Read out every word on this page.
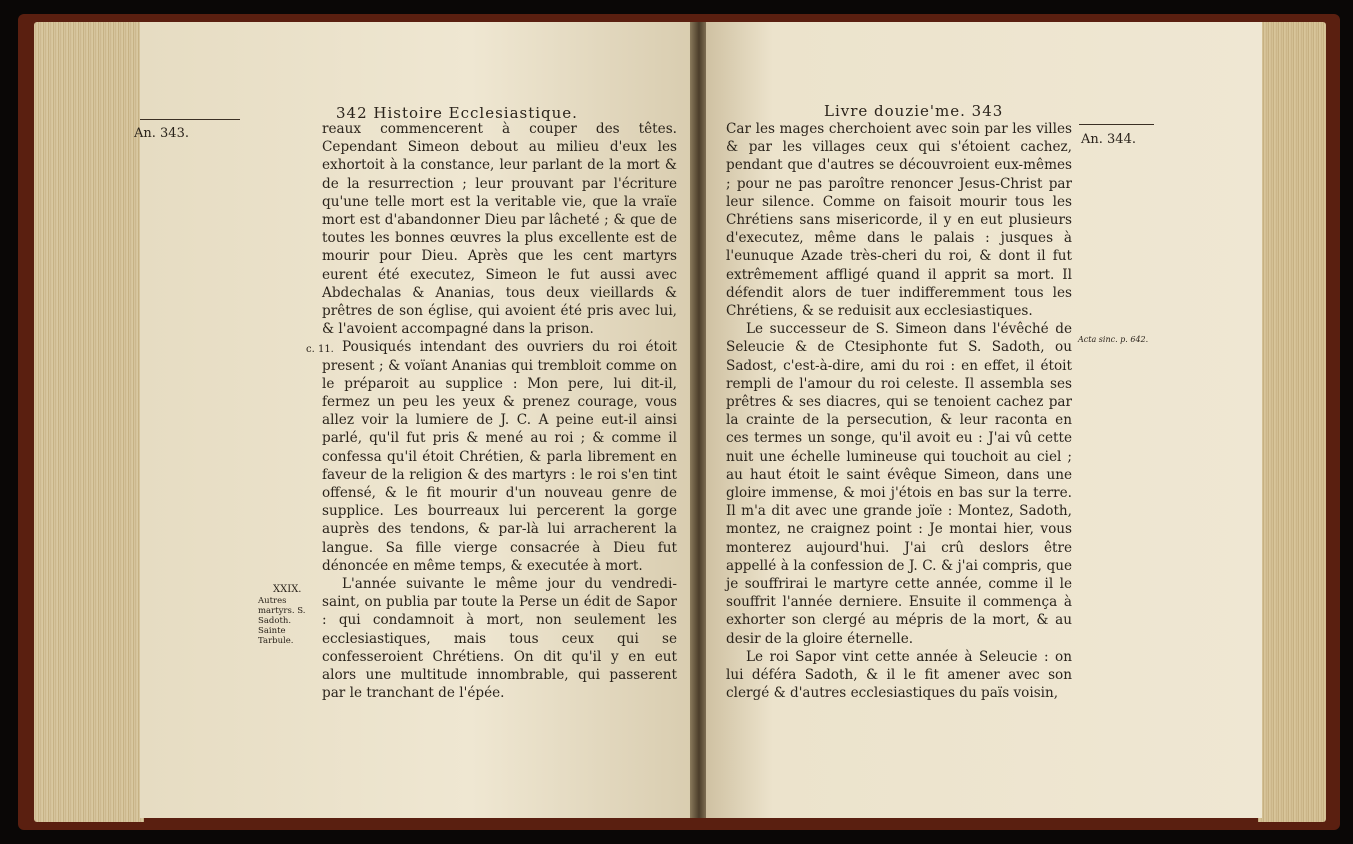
342 Histoire Ecclesiastique.
An. 343.
c. 11.
XXIX.
Autres martyrs. S. Sadoth. Sainte Tarbule.

reaux commencerent à couper des têtes. Cependant Simeon debout au milieu d'eux les exhortoit à la constance, leur parlant de la mort & de la resurrection ; leur prouvant par l'écriture qu'une telle mort est la veritable vie, que la vraïe mort est d'abandonner Dieu par lâcheté ; & que de toutes les bonnes œuvres la plus excellente est de mourir pour Dieu. Après que les cent martyrs eurent été executez, Simeon le fut aussi avec Abdechalas & Ananias, tous deux vieillards & prêtres de son église, qui avoient été pris avec lui, & l'avoient accompagné dans la prison.

Pousiqués intendant des ouvriers du roi étoit present ; & voïant Ananias qui trembloit comme on le préparoit au supplice : Mon pere, lui dit-il, fermez un peu les yeux & prenez courage, vous allez voir la lumiere de J. C. A peine eut-il ainsi parlé, qu'il fut pris & mené au roi ; & comme il confessa qu'il étoit Chrétien, & parla librement en faveur de la religion & des martyrs : le roi s'en tint offensé, & le fit mourir d'un nouveau genre de supplice. Les bourreaux lui percerent la gorge auprès des tendons, & par-là lui arracherent la langue. Sa fille vierge consacrée à Dieu fut dénoncée en même temps, & executée à mort.

L'année suivante le même jour du vendredi-saint, on publia par toute la Perse un édit de Sapor : qui condamnoit à mort, non seulement les ecclesiastiques, mais tous ceux qui se confesseroient Chrétiens. On dit qu'il y en eut alors une multitude innombrable, qui passerent par le tranchant de l'épée.

Livre douzie'me. 343
An. 344.
Acta sinc. p. 642.

Car les mages cherchoient avec soin par les villes & par les villages ceux qui s'étoient cachez, pendant que d'autres se découvroient eux-mêmes ; pour ne pas paroître renoncer Jesus-Christ par leur silence. Comme on faisoit mourir tous les Chrétiens sans misericorde, il y en eut plusieurs d'executez, même dans le palais : jusques à l'eunuque Azade très-cheri du roi, & dont il fut extrêmement affligé quand il apprit sa mort. Il défendit alors de tuer indifferemment tous les Chrétiens, & se reduisit aux ecclesiastiques.

Le successeur de S. Simeon dans l'évêché de Seleucie & de Ctesiphonte fut S. Sadoth, ou Sadost, c'est-à-dire, ami du roi : en effet, il étoit rempli de l'amour du roi celeste. Il assembla ses prêtres & ses diacres, qui se tenoient cachez par la crainte de la persecution, & leur raconta en ces termes un songe, qu'il avoit eu : J'ai vû cette nuit une échelle lumineuse qui touchoit au ciel ; au haut étoit le saint évêque Simeon, dans une gloire immense, & moi j'étois en bas sur la terre. Il m'a dit avec une grande joïe : Montez, Sadoth, montez, ne craignez point : Je montai hier, vous monterez aujourd'hui. J'ai crû deslors être appellé à la confession de J. C. & j'ai compris, que je souffrirai le martyre cette année, comme il le souffrit l'année derniere. Ensuite il commença à exhorter son clergé au mépris de la mort, & au desir de la gloire éternelle.

Le roi Sapor vint cette année à Seleucie : on lui déféra Sadoth, & il le fit amener avec son clergé & d'autres ecclesiastiques du païs voisin,
